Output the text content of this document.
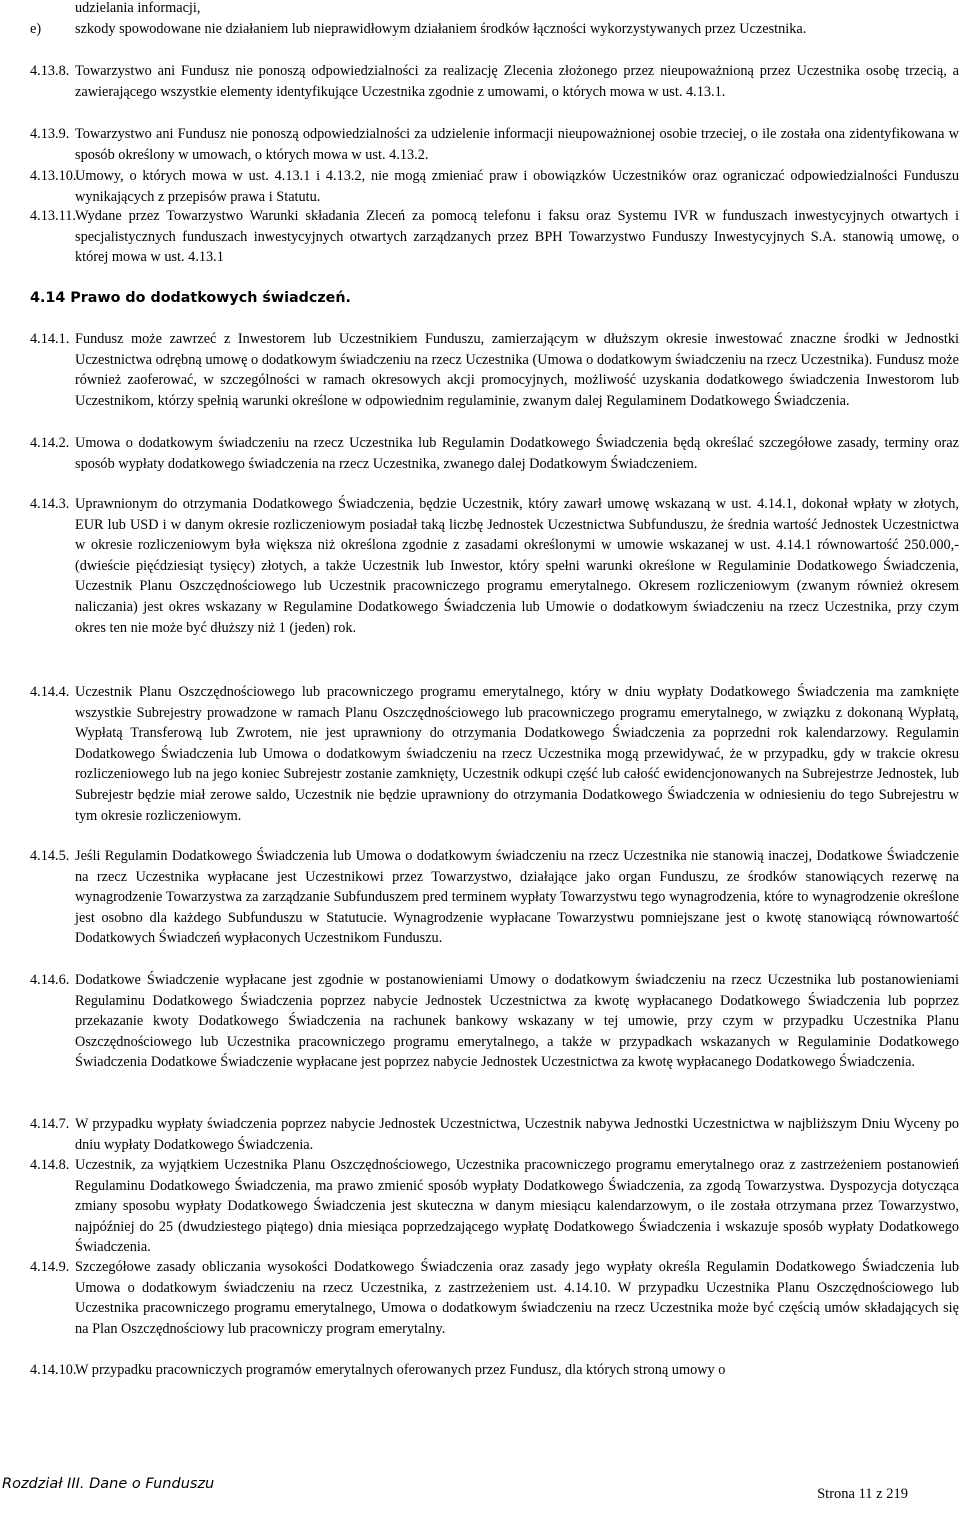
udzielania informacji,
e) szkody spowodowane nie działaniem lub nieprawidłowym działaniem środków łączności wykorzystywanych przez Uczestnika.
4.13.8. Towarzystwo ani Fundusz nie ponoszą odpowiedzialności za realizację Zlecenia złożonego przez nieupoważnioną przez Uczestnika osobę trzecią, a zawierającego wszystkie elementy identyfikujące Uczestnika zgodnie z umowami, o których mowa w ust. 4.13.1.
4.13.9. Towarzystwo ani Fundusz nie ponoszą odpowiedzialności za udzielenie informacji nieupoważnionej osobie trzeciej, o ile została ona zidentyfikowana w sposób określony w umowach, o których mowa w ust. 4.13.2.
4.13.10.Umowy, o których mowa w ust. 4.13.1 i 4.13.2, nie mogą zmieniać praw i obowiązków Uczestników oraz ograniczać odpowiedzialności Funduszu wynikających z przepisów prawa i Statutu.
4.13.11.Wydane przez Towarzystwo Warunki składania Zleceń za pomocą telefonu i faksu oraz Systemu IVR w funduszach inwestycyjnych otwartych i specjalistycznych funduszach inwestycyjnych otwartych zarządzanych przez BPH Towarzystwo Funduszy Inwestycyjnych S.A. stanowią umowę, o której mowa w ust. 4.13.1
4.14 Prawo do dodatkowych świadczeń.
4.14.1. Fundusz może zawrzeć z Inwestorem lub Uczestnikiem Funduszu, zamierzającym w dłuższym okresie inwestować znaczne środki w Jednostki Uczestnictwa odrębną umowę o dodatkowym świadczeniu na rzecz Uczestnika (Umowa o dodatkowym świadczeniu na rzecz Uczestnika). Fundusz może również zaoferować, w szczególności w ramach okresowych akcji promocyjnych, możliwość uzyskania dodatkowego świadczenia Inwestorom lub Uczestnikom, którzy spełnią warunki określone w odpowiednim regulaminie, zwanym dalej Regulaminem Dodatkowego Świadczenia.
4.14.2. Umowa o dodatkowym świadczeniu na rzecz Uczestnika lub Regulamin Dodatkowego Świadczenia będą określać szczegółowe zasady, terminy oraz sposób wypłaty dodatkowego świadczenia na rzecz Uczestnika, zwanego dalej Dodatkowym Świadczeniem.
4.14.3. Uprawnionym do otrzymania Dodatkowego Świadczenia, będzie Uczestnik, który zawarł umowę wskazaną w ust. 4.14.1, dokonał wpłaty w złotych, EUR lub USD i w danym okresie rozliczeniowym posiadał taką liczbę Jednostek Uczestnictwa Subfunduszu, że średnia wartość Jednostek Uczestnictwa w okresie rozliczeniowym była większa niż określona zgodnie z zasadami określonymi w umowie wskazanej w ust. 4.14.1 równowartość 250.000,- (dwieście pięćdziesiąt tysięcy) złotych, a także Uczestnik lub Inwestor, który spełni warunki określone w Regulaminie Dodatkowego Świadczenia, Uczestnik Planu Oszczędnościowego lub Uczestnik pracowniczego programu emerytalnego. Okresem rozliczeniowym (zwanym również okresem naliczania) jest okres wskazany w Regulamine Dodatkowego Świadczenia lub Umowie o dodatkowym świadczeniu na rzecz Uczestnika, przy czym okres ten nie może być dłuższy niż 1 (jeden) rok.
4.14.4. Uczestnik Planu Oszczędnościowego lub pracowniczego programu emerytalnego, który w dniu wypłaty Dodatkowego Świadczenia ma zamknięte wszystkie Subrejestry prowadzone w ramach Planu Oszczędnościowego lub pracowniczego programu emerytalnego, w związku z dokonaną Wypłatą, Wypłatą Transferową lub Zwrotem, nie jest uprawniony do otrzymania Dodatkowego Świadczenia za poprzedni rok kalendarzowy. Regulamin Dodatkowego Świadczenia lub Umowa o dodatkowym świadczeniu na rzecz Uczestnika mogą przewidywać, że w przypadku, gdy w trakcie okresu rozliczeniowego lub na jego koniec Subrejestr zostanie zamknięty, Uczestnik odkupi część lub całość ewidencjonowanych na Subrejestrze Jednostek, lub Subrejestr będzie miał zerowe saldo, Uczestnik nie będzie uprawniony do otrzymania Dodatkowego Świadczenia w odniesieniu do tego Subrejestru w tym okresie rozliczeniowym.
4.14.5. Jeśli Regulamin Dodatkowego Świadczenia lub Umowa o dodatkowym świadczeniu na rzecz Uczestnika nie stanowią inaczej, Dodatkowe Świadczenie na rzecz Uczestnika wypłacane jest Uczestnikowi przez Towarzystwo, działające jako organ Funduszu, ze środków stanowiących rezerwę na wynagrodzenie Towarzystwa za zarządzanie Subfunduszem pred terminem wypłaty Towarzystwu tego wynagrodzenia, które to wynagrodzenie określone jest osobno dla każdego Subfunduszu w Statutucie. Wynagrodzenie wypłacane Towarzystwu pomniejszane jest o kwotę stanowiącą równowartość Dodatkowych Świadczeń wypłaconych Uczestnikom Funduszu.
4.14.6. Dodatkowe Świadczenie wypłacane jest zgodnie w postanowieniami Umowy o dodatkowym świadczeniu na rzecz Uczestnika lub postanowieniami Regulaminu Dodatkowego Świadczenia poprzez nabycie Jednostek Uczestnictwa za kwotę wypłacanego Dodatkowego Świadczenia lub poprzez przekazanie kwoty Dodatkowego Świadczenia na rachunek bankowy wskazany w tej umowie, przy czym w przypadku Uczestnika Planu Oszczędnościowego lub Uczestnika pracowniczego programu emerytalnego, a także w przypadkach wskazanych w Regulaminie Dodatkowego Świadczenia Dodatkowe Świadczenie wypłacane jest poprzez nabycie Jednostek Uczestnictwa za kwotę wypłacanego Dodatkowego Świadczenia.
4.14.7. W przypadku wypłaty świadczenia poprzez nabycie Jednostek Uczestnictwa, Uczestnik nabywa Jednostki Uczestnictwa w najbliższym Dniu Wyceny po dniu wypłaty Dodatkowego Świadczenia.
4.14.8. Uczestnik, za wyjątkiem Uczestnika Planu Oszczędnościowego, Uczestnika pracowniczego programu emerytalnego oraz z zastrzeżeniem postanowień Regulaminu Dodatkowego Świadczenia, ma prawo zmienić sposób wypłaty Dodatkowego Świadczenia, za zgodą Towarzystwa. Dyspozycja dotycząca zmiany sposobu wypłaty Dodatkowego Świadczenia jest skuteczna w danym miesiącu kalendarzowym, o ile została otrzymana przez Towarzystwo, najpóźniej do 25 (dwudziestego piątego) dnia miesiąca poprzedzającego wypłatę Dodatkowego Świadczenia i wskazuje sposób wypłaty Dodatkowego Świadczenia.
4.14.9. Szczegółowe zasady obliczania wysokości Dodatkowego Świadczenia oraz zasady jego wypłaty określa Regulamin Dodatkowego Świadczenia lub Umowa o dodatkowym świadczeniu na rzecz Uczestnika, z zastrzeżeniem ust. 4.14.10. W przypadku Uczestnika Planu Oszczędnościowego lub Uczestnika pracowniczego programu emerytalnego, Umowa o dodatkowym świadczeniu na rzecz Uczestnika może być częścią umów składających się na Plan Oszczędnościowy lub pracowniczy program emerytalny.
4.14.10.W przypadku pracowniczych programów emerytalnych oferowanych przez Fundusz, dla których stroną umowy o
Rozdział III. Dane o Funduszu
Strona 11 z 219
